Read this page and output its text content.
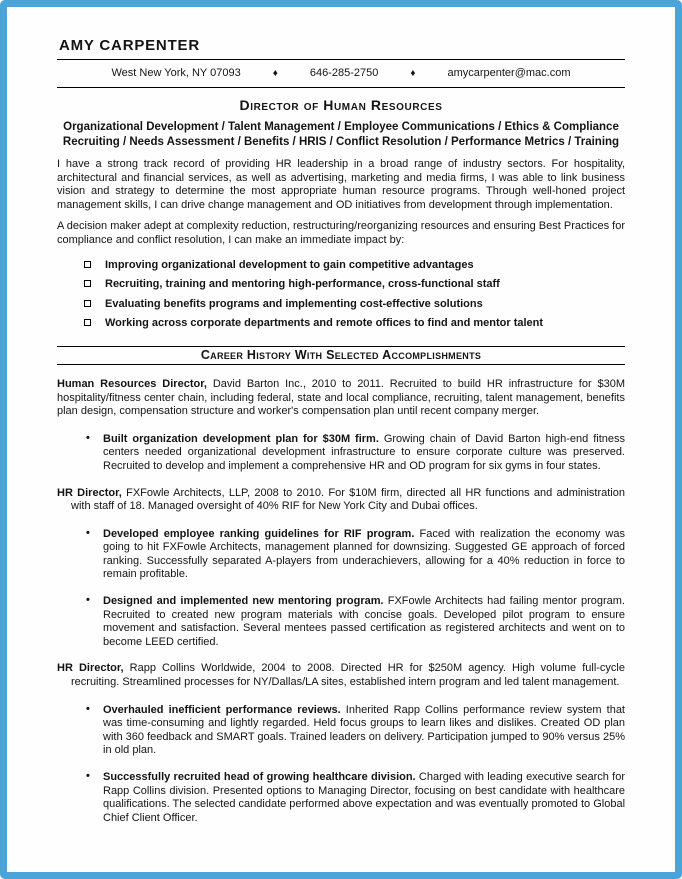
AMY CARPENTER
West New York, NY 07093	♦	646-285-2750	♦	amycarpenter@mac.com
Director of Human Resources
Organizational Development / Talent Management / Employee Communications / Ethics & Compliance
Recruiting / Needs Assessment / Benefits / HRIS / Conflict Resolution / Performance Metrics / Training

I have a strong track record of providing HR leadership in a broad range of industry sectors. For hospitality, architectural and financial services, as well as advertising, marketing and media firms, I was able to link business vision and strategy to determine the most appropriate human resource programs. Through well-honed project management skills, I can drive change management and OD initiatives from development through implementation.

A decision maker adept at complexity reduction, restructuring/reorganizing resources and ensuring Best Practices for compliance and conflict resolution, I can make an immediate impact by:

Improving organizational development to gain competitive advantages
Recruiting, training and mentoring high-performance, cross-functional staff
Evaluating benefits programs and implementing cost-effective solutions
Working across corporate departments and remote offices to find and mentor talent
Career History With Selected Accomplishments

Human Resources Director, David Barton Inc., 2010 to 2011. Recruited to build HR infrastructure for $30M hospitality/fitness center chain, including federal, state and local compliance, recruiting, talent management, benefits plan design, compensation structure and worker's compensation plan until recent company merger.

• Built organization development plan for $30M firm. Growing chain of David Barton high-end fitness centers needed organizational development infrastructure to ensure corporate culture was preserved. Recruited to develop and implement a comprehensive HR and OD program for six gyms in four states.

HR Director, FXFowle Architects, LLP, 2008 to 2010. For $10M firm, directed all HR functions and administration with staff of 18. Managed oversight of 40% RIF for New York City and Dubai offices.

• Developed employee ranking guidelines for RIF program. Faced with realization the economy was going to hit FXFowle Architects, management planned for downsizing. Suggested GE approach of forced ranking. Successfully separated A-players from underachievers, allowing for a 40% reduction in force to remain profitable.
• Designed and implemented new mentoring program. FXFowle Architects had failing mentor program. Recruited to created new program materials with concise goals. Developed pilot program to ensure movement and satisfaction. Several mentees passed certification as registered architects and went on to become LEED certified.

HR Director, Rapp Collins Worldwide, 2004 to 2008. Directed HR for $250M agency. High volume full-cycle recruiting. Streamlined processes for NY/Dallas/LA sites, established intern program and led talent management.

• Overhauled inefficient performance reviews. Inherited Rapp Collins performance review system that was time-consuming and lightly regarded. Held focus groups to learn likes and dislikes. Created OD plan with 360 feedback and SMART goals. Trained leaders on delivery. Participation jumped to 90% versus 25% in old plan.
• Successfully recruited head of growing healthcare division. Charged with leading executive search for Rapp Collins division. Presented options to Managing Director, focusing on best candidate with healthcare qualifications. The selected candidate performed above expectation and was eventually promoted to Global Chief Client Officer.
